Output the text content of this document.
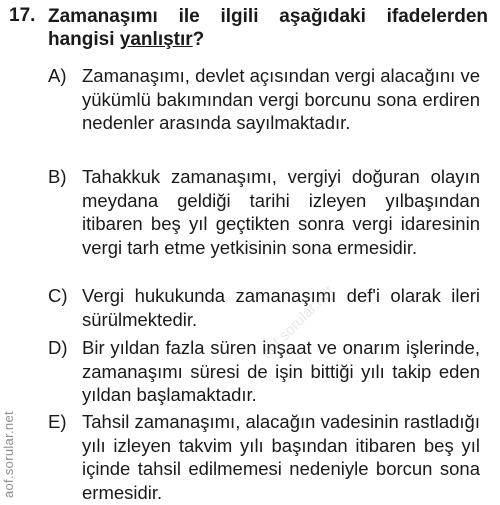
17. Zamanaşımı ile ilgili aşağıdaki ifadelerden hangisi yanlıştır?
A) Zamanaşımı, devlet açısından vergi alacağını ve yükümlü bakımından vergi borcunu sona erdiren nedenler arasında sayılmaktadır.
B) Tahakkuk zamanaşımı, vergiyi doğuran olayın meydana geldiği tarihi izleyen yılbaşından itibaren beş yıl geçtikten sonra vergi idaresinin vergi tarh etme yetkisinin sona ermesidir.
C) Vergi hukukunda zamanaşımı def'i olarak ileri sürülmektedir.
D) Bir yıldan fazla süren inşaat ve onarım işlerinde, zamanaşımı süresi de işin bittiği yılı takip eden yıldan başlamaktadır.
E) Tahsil zamanaşımı, alacağın vadesinin rastladığı yılı izleyen takvim yılı başından itibaren beş yıl içinde tahsil edilmemesi nedeniyle borcun sona ermesidir.
aof.sorular.net
aof.sorular.net
